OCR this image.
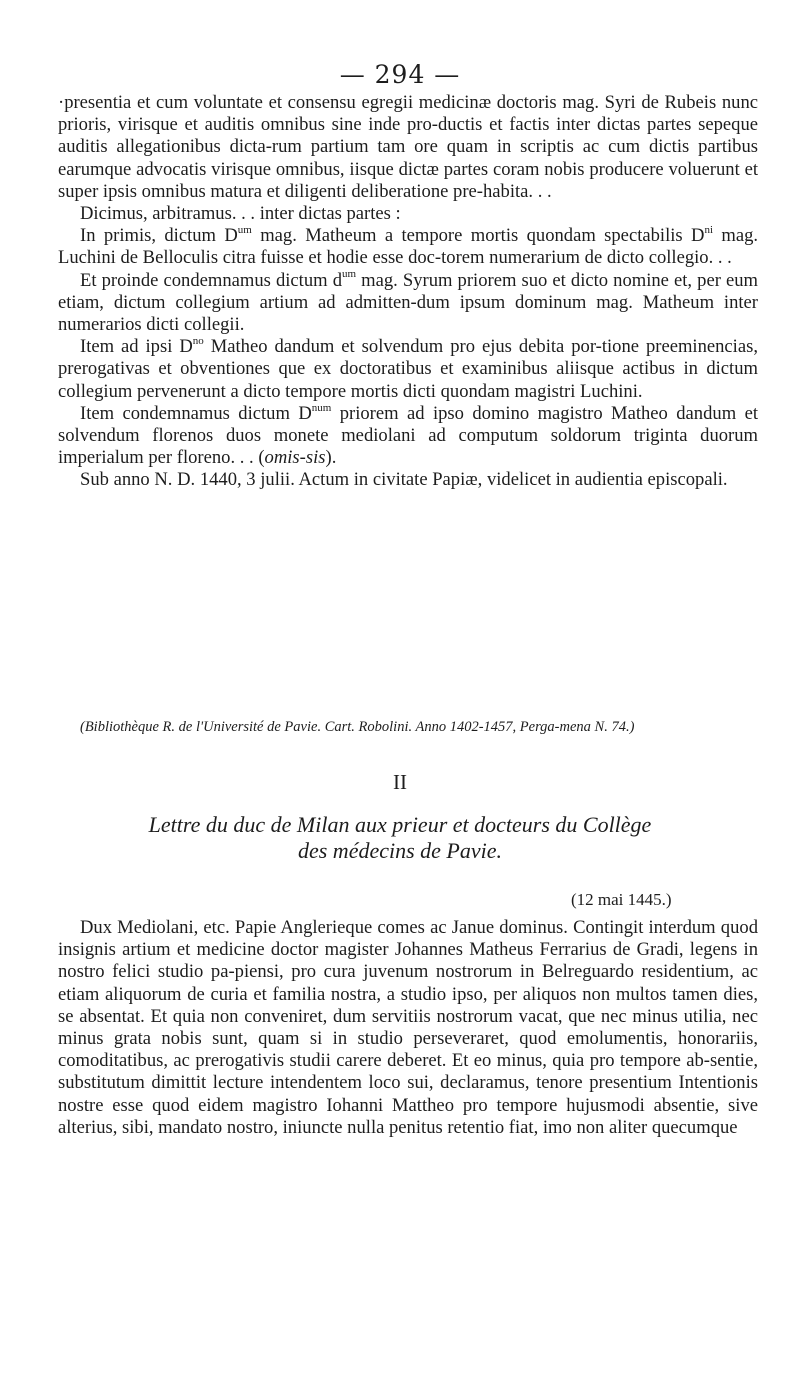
— 294 —

·presentia et cum voluntate et consensu egregii medicinæ doctoris mag. Syri de Rubeis nunc prioris, virisque et auditis omnibus sine inde pro-ductis et factis inter dictas partes sepeque auditis allegationibus dicta-rum partium tam ore quam in scriptis ac cum dictis partibus earumque advocatis virisque omnibus, iisque dictæ partes coram nobis producere voluerunt et super ipsis omnibus matura et diligenti deliberatione pre-habita. . .

Dicimus, arbitramus. . . inter dictas partes :

In primis, dictum $D^{um}$ mag. Matheum a tempore mortis quondam spectabilis $D^{ni}$ mag. Luchini de Belloculis citra fuisse et hodie esse doc-torem numerarium de dicto collegio. . .

Et proinde condemnamus dictum $d^{um}$ mag. Syrum priorem suo et dicto nomine et, per eum etiam, dictum collegium artium ad admitten-dum ipsum dominum mag. Matheum inter numerarios dicti collegii.

Item ad ipsi $D^{no}$ Matheo dandum et solvendum pro ejus debita por-tione preeminencias, prerogativas et obventiones que ex doctoratibus et examinibus aliisque actibus in dictum collegium pervenerunt a dicto tempore mortis dicti quondam magistri Luchini.

Item condemnamus dictum $D^{num}$ priorem ad ipso domino magistro Matheo dandum et solvendum florenos duos monete mediolani ad computum soldorum triginta duorum imperialum per floreno. . . (omis-sis).

Sub anno N. D. 1440, 3 julii. Actum in civitate Papiæ, videlicet in audientia episcopali.

(Bibliothèque R. de l'Université de Pavie. Cart. Robolini. Anno 1402-1457, Perga-mena N. 74.)
II
Lettre du duc de Milan aux prieur et docteurs du Collège
des médecins de Pavie.
(12 mai 1445.)

Dux Mediolani, etc. Papie Anglerieque comes ac Janue dominus. Contingit interdum quod insignis artium et medicine doctor magister Johannes Matheus Ferrarius de Gradi, legens in nostro felici studio pa-piensi, pro cura juvenum nostrorum in Belreguardo residentium, ac etiam aliquorum de curia et familia nostra, a studio ipso, per aliquos non multos tamen dies, se absentat. Et quia non conveniret, dum servitiis nostrorum vacat, que nec minus utilia, nec minus grata nobis sunt, quam si in studio perseveraret, quod emolumentis, honorariis, comoditatibus, ac prerogativis studii carere deberet. Et eo minus, quia pro tempore ab-sentie, substitutum dimittit lecture intendentem loco sui, declaramus, tenore presentium Intentionis nostre esse quod eidem magistro Iohanni Mattheo pro tempore hujusmodi absentie, sive alterius, sibi, mandato nostro, iniuncte nulla penitus retentio fiat, imo non aliter quecumque
